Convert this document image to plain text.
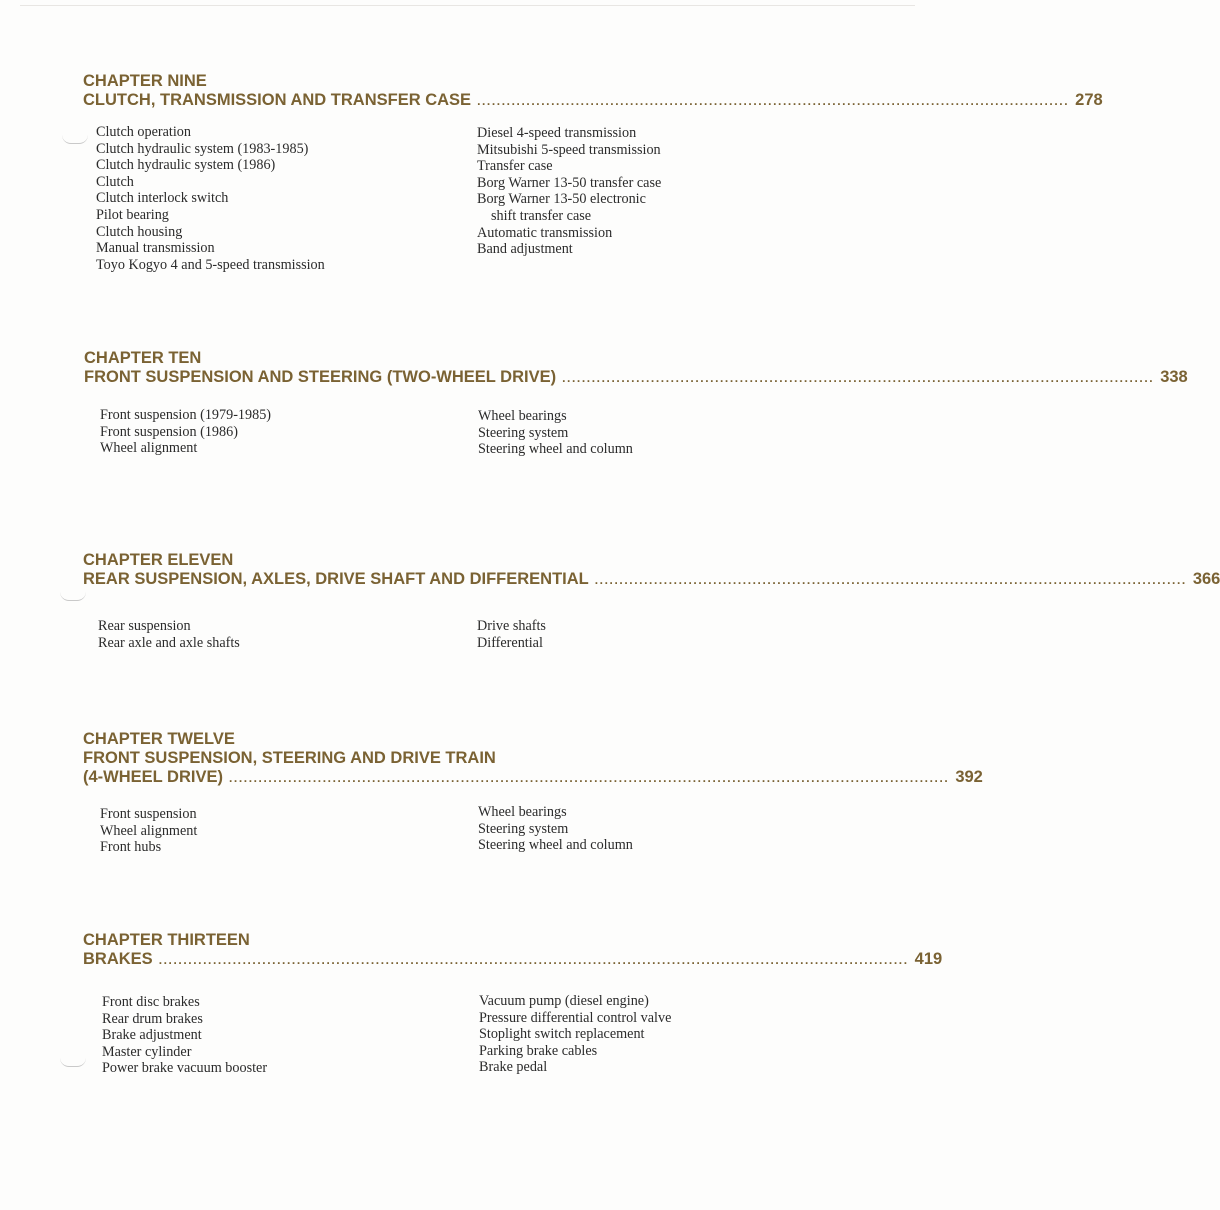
CHAPTER NINE
CLUTCH, TRANSMISSION AND TRANSFER CASE ........................................................................................................................ 278
Clutch operation
Clutch hydraulic system (1983-1985)
Clutch hydraulic system (1986)
Clutch
Clutch interlock switch
Pilot bearing
Clutch housing
Manual transmission
Toyo Kogyo 4 and 5-speed transmission
Diesel 4-speed transmission
Mitsubishi 5-speed transmission
Transfer case
Borg Warner 13-50 transfer case
Borg Warner 13-50 electronic
shift transfer case
Automatic transmission
Band adjustment
CHAPTER TEN
FRONT SUSPENSION AND STEERING (TWO-WHEEL DRIVE) ........................................................................................................................ 338
Front suspension (1979-1985)
Front suspension (1986)
Wheel alignment
Wheel bearings
Steering system
Steering wheel and column
CHAPTER ELEVEN
REAR SUSPENSION, AXLES, DRIVE SHAFT AND DIFFERENTIAL ........................................................................................................................ 366
Rear suspension
Rear axle and axle shafts
Drive shafts
Differential
CHAPTER TWELVE
FRONT SUSPENSION, STEERING AND DRIVE TRAIN
(4-WHEEL DRIVE) .................................................................................................................................................. 392
Front suspension
Wheel alignment
Front hubs
Wheel bearings
Steering system
Steering wheel and column
CHAPTER THIRTEEN
BRAKES ........................................................................................................................................................ 419
Front disc brakes
Rear drum brakes
Brake adjustment
Master cylinder
Power brake vacuum booster
Vacuum pump (diesel engine)
Pressure differential control valve
Stoplight switch replacement
Parking brake cables
Brake pedal
